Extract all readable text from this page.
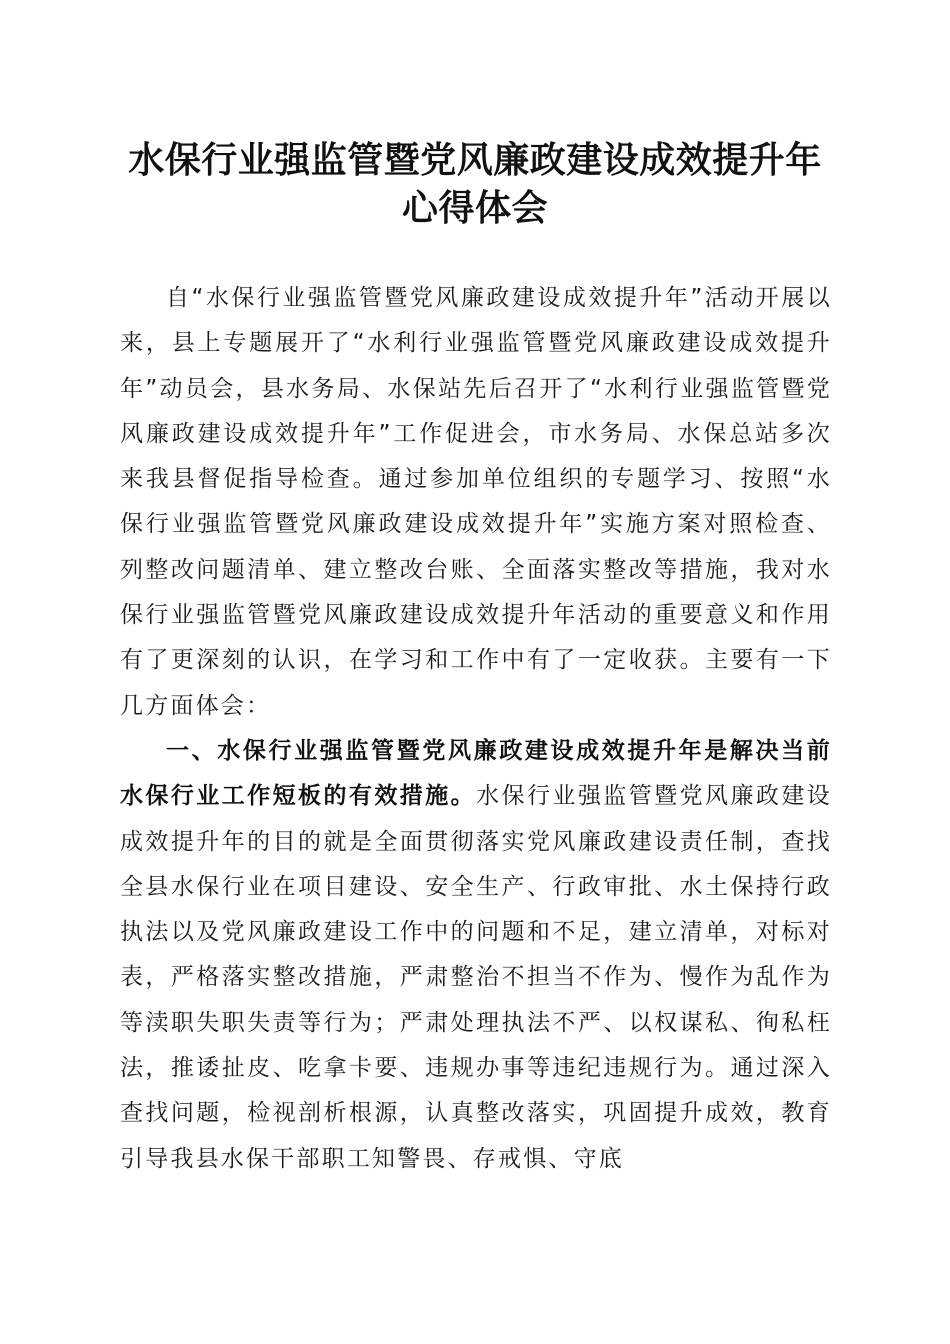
水保行业强监管暨党风廉政建设成效提升年心得体会

自“水保行业强监管暨党风廉政建设成效提升年”活动开展以来，县上专题展开了“水利行业强监管暨党风廉政建设成效提升年”动员会，县水务局、水保站先后召开了“水利行业强监管暨党风廉政建设成效提升年”工作促进会，市水务局、水保总站多次来我县督促指导检查。通过参加单位组织的专题学习、按照“水保行业强监管暨党风廉政建设成效提升年”实施方案对照检查、列整改问题清单、建立整改台账、全面落实整改等措施，我对水保行业强监管暨党风廉政建设成效提升年活动的重要意义和作用有了更深刻的认识，在学习和工作中有了一定收获。主要有一下几方面体会：

一、水保行业强监管暨党风廉政建设成效提升年是解决当前水保行业工作短板的有效措施。水保行业强监管暨党风廉政建设成效提升年的目的就是全面贯彻落实党风廉政建设责任制，查找全县水保行业在项目建设、安全生产、行政审批、水土保持行政执法以及党风廉政建设工作中的问题和不足，建立清单，对标对表，严格落实整改措施，严肃整治不担当不作为、慢作为乱作为等渎职失职失责等行为；严肃处理执法不严、以权谋私、徇私枉法，推诿扯皮、吃拿卡要、违规办事等违纪违规行为。通过深入查找问题，检视剖析根源，认真整改落实，巩固提升成效，教育引导我县水保干部职工知警畏、存戒惧、守底
